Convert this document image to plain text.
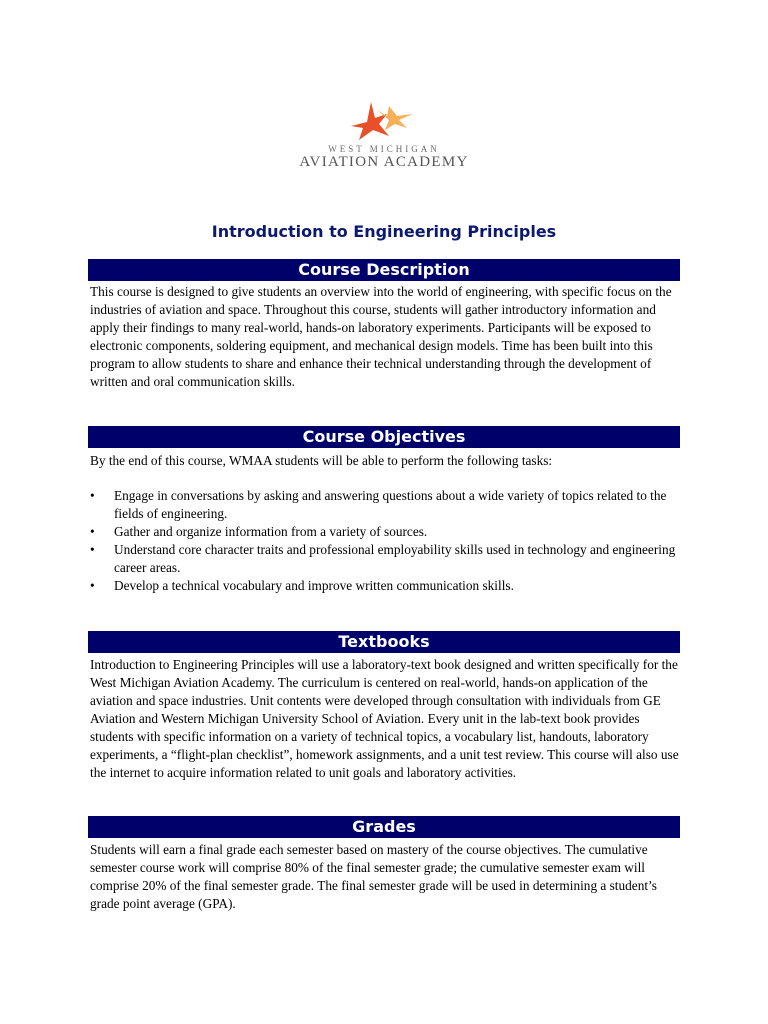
WEST MICHIGAN
AVIATION ACADEMY
Introduction to Engineering Principles
Course Description

This course is designed to give students an overview into the world of engineering, with specific focus on the industries of aviation and space. Throughout this course, students will gather introductory information and apply their findings to many real-world, hands-on laboratory experiments. Participants will be exposed to electronic components, soldering equipment, and mechanical design models. Time has been built into this program to allow students to share and enhance their technical understanding through the development of written and oral communication skills.

Course Objectives

By the end of this course, WMAA students will be able to perform the following tasks:

• Engage in conversations by asking and answering questions about a wide variety of topics related to the fields of engineering.
• Gather and organize information from a variety of sources.
• Understand core character traits and professional employability skills used in technology and engineering career areas.
• Develop a technical vocabulary and improve written communication skills.
Textbooks

Introduction to Engineering Principles will use a laboratory-text book designed and written specifically for the West Michigan Aviation Academy. The curriculum is centered on real-world, hands-on application of the aviation and space industries. Unit contents were developed through consultation with individuals from GE Aviation and Western Michigan University School of Aviation. Every unit in the lab-text book provides students with specific information on a variety of technical topics, a vocabulary list, handouts, laboratory experiments, a “flight-plan checklist”, homework assignments, and a unit test review. This course will also use the internet to acquire information related to unit goals and laboratory activities.

Grades

Students will earn a final grade each semester based on mastery of the course objectives. The cumulative semester course work will comprise 80% of the final semester grade; the cumulative semester exam will comprise 20% of the final semester grade. The final semester grade will be used in determining a student’s grade point average (GPA).
